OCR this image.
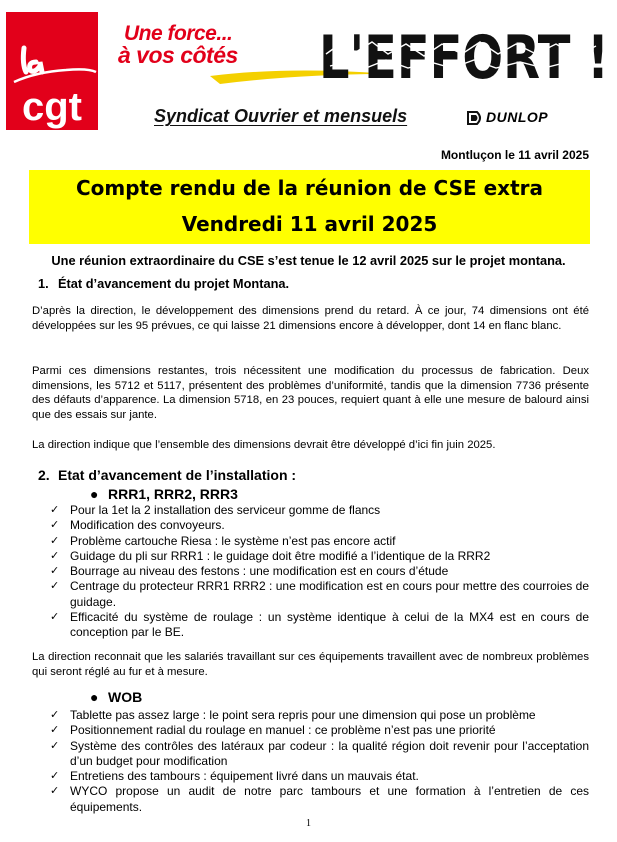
cgt
Une force...
à vos côtés L'EFFORT !
Syndicat Ouvrier et mensuels	DUNLOP
Montluçon le 11 avril 2025
Compte rendu de la réunion de CSE extra
Vendredi 11 avril 2025
Une réunion extraordinaire du CSE s’est tenue le 12 avril 2025 sur le projet montana.
1. État d’avancement du projet Montana.
D’après la direction, le développement des dimensions prend du retard. À ce jour, 74 dimensions ont été développées sur les 95 prévues, ce qui laisse 21 dimensions encore à développer, dont 14 en flanc blanc.
Parmi ces dimensions restantes, trois nécessitent une modification du processus de fabrication. Deux dimensions, les 5712 et 5117, présentent des problèmes d’uniformité, tandis que la dimension 7736 présente des défauts d’apparence. La dimension 5718, en 23 pouces, requiert quant à elle une mesure de balourd ainsi que des essais sur jante.
La direction indique que l’ensemble des dimensions devrait être développé d’ici fin juin 2025.
2. Etat d’avancement de l’installation :
● RRR1, RRR2, RRR3
✓ Pour la 1et la 2 installation des serviceur gomme de flancs
✓ Modification des convoyeurs.
✓ Problème cartouche Riesa : le système n’est pas encore actif
✓ Guidage du pli sur RRR1 : le guidage doit être modifié a l’identique de la RRR2
✓ Bourrage au niveau des festons : une modification est en cours d’étude
✓ Centrage du protecteur RRR1 RRR2 : une modification est en cours pour mettre des courroies de guidage.
✓ Efficacité du système de roulage : un système identique à celui de la MX4 est en cours de conception par le BE.
La direction reconnait que les salariés travaillant sur ces équipements travaillent avec de nombreux problèmes qui seront réglé au fur et à mesure.
● WOB
✓ Tablette pas assez large : le point sera repris pour une dimension qui pose un problème
✓ Positionnement radial du roulage en manuel : ce problème n’est pas une priorité
✓ Système des contrôles des latéraux par codeur : la qualité région doit revenir pour l’acceptation d’un budget pour modification
✓ Entretiens des tambours : équipement livré dans un mauvais état.
✓ WYCO propose un audit de notre parc tambours et une formation à l’entretien de ces équipements.
1
